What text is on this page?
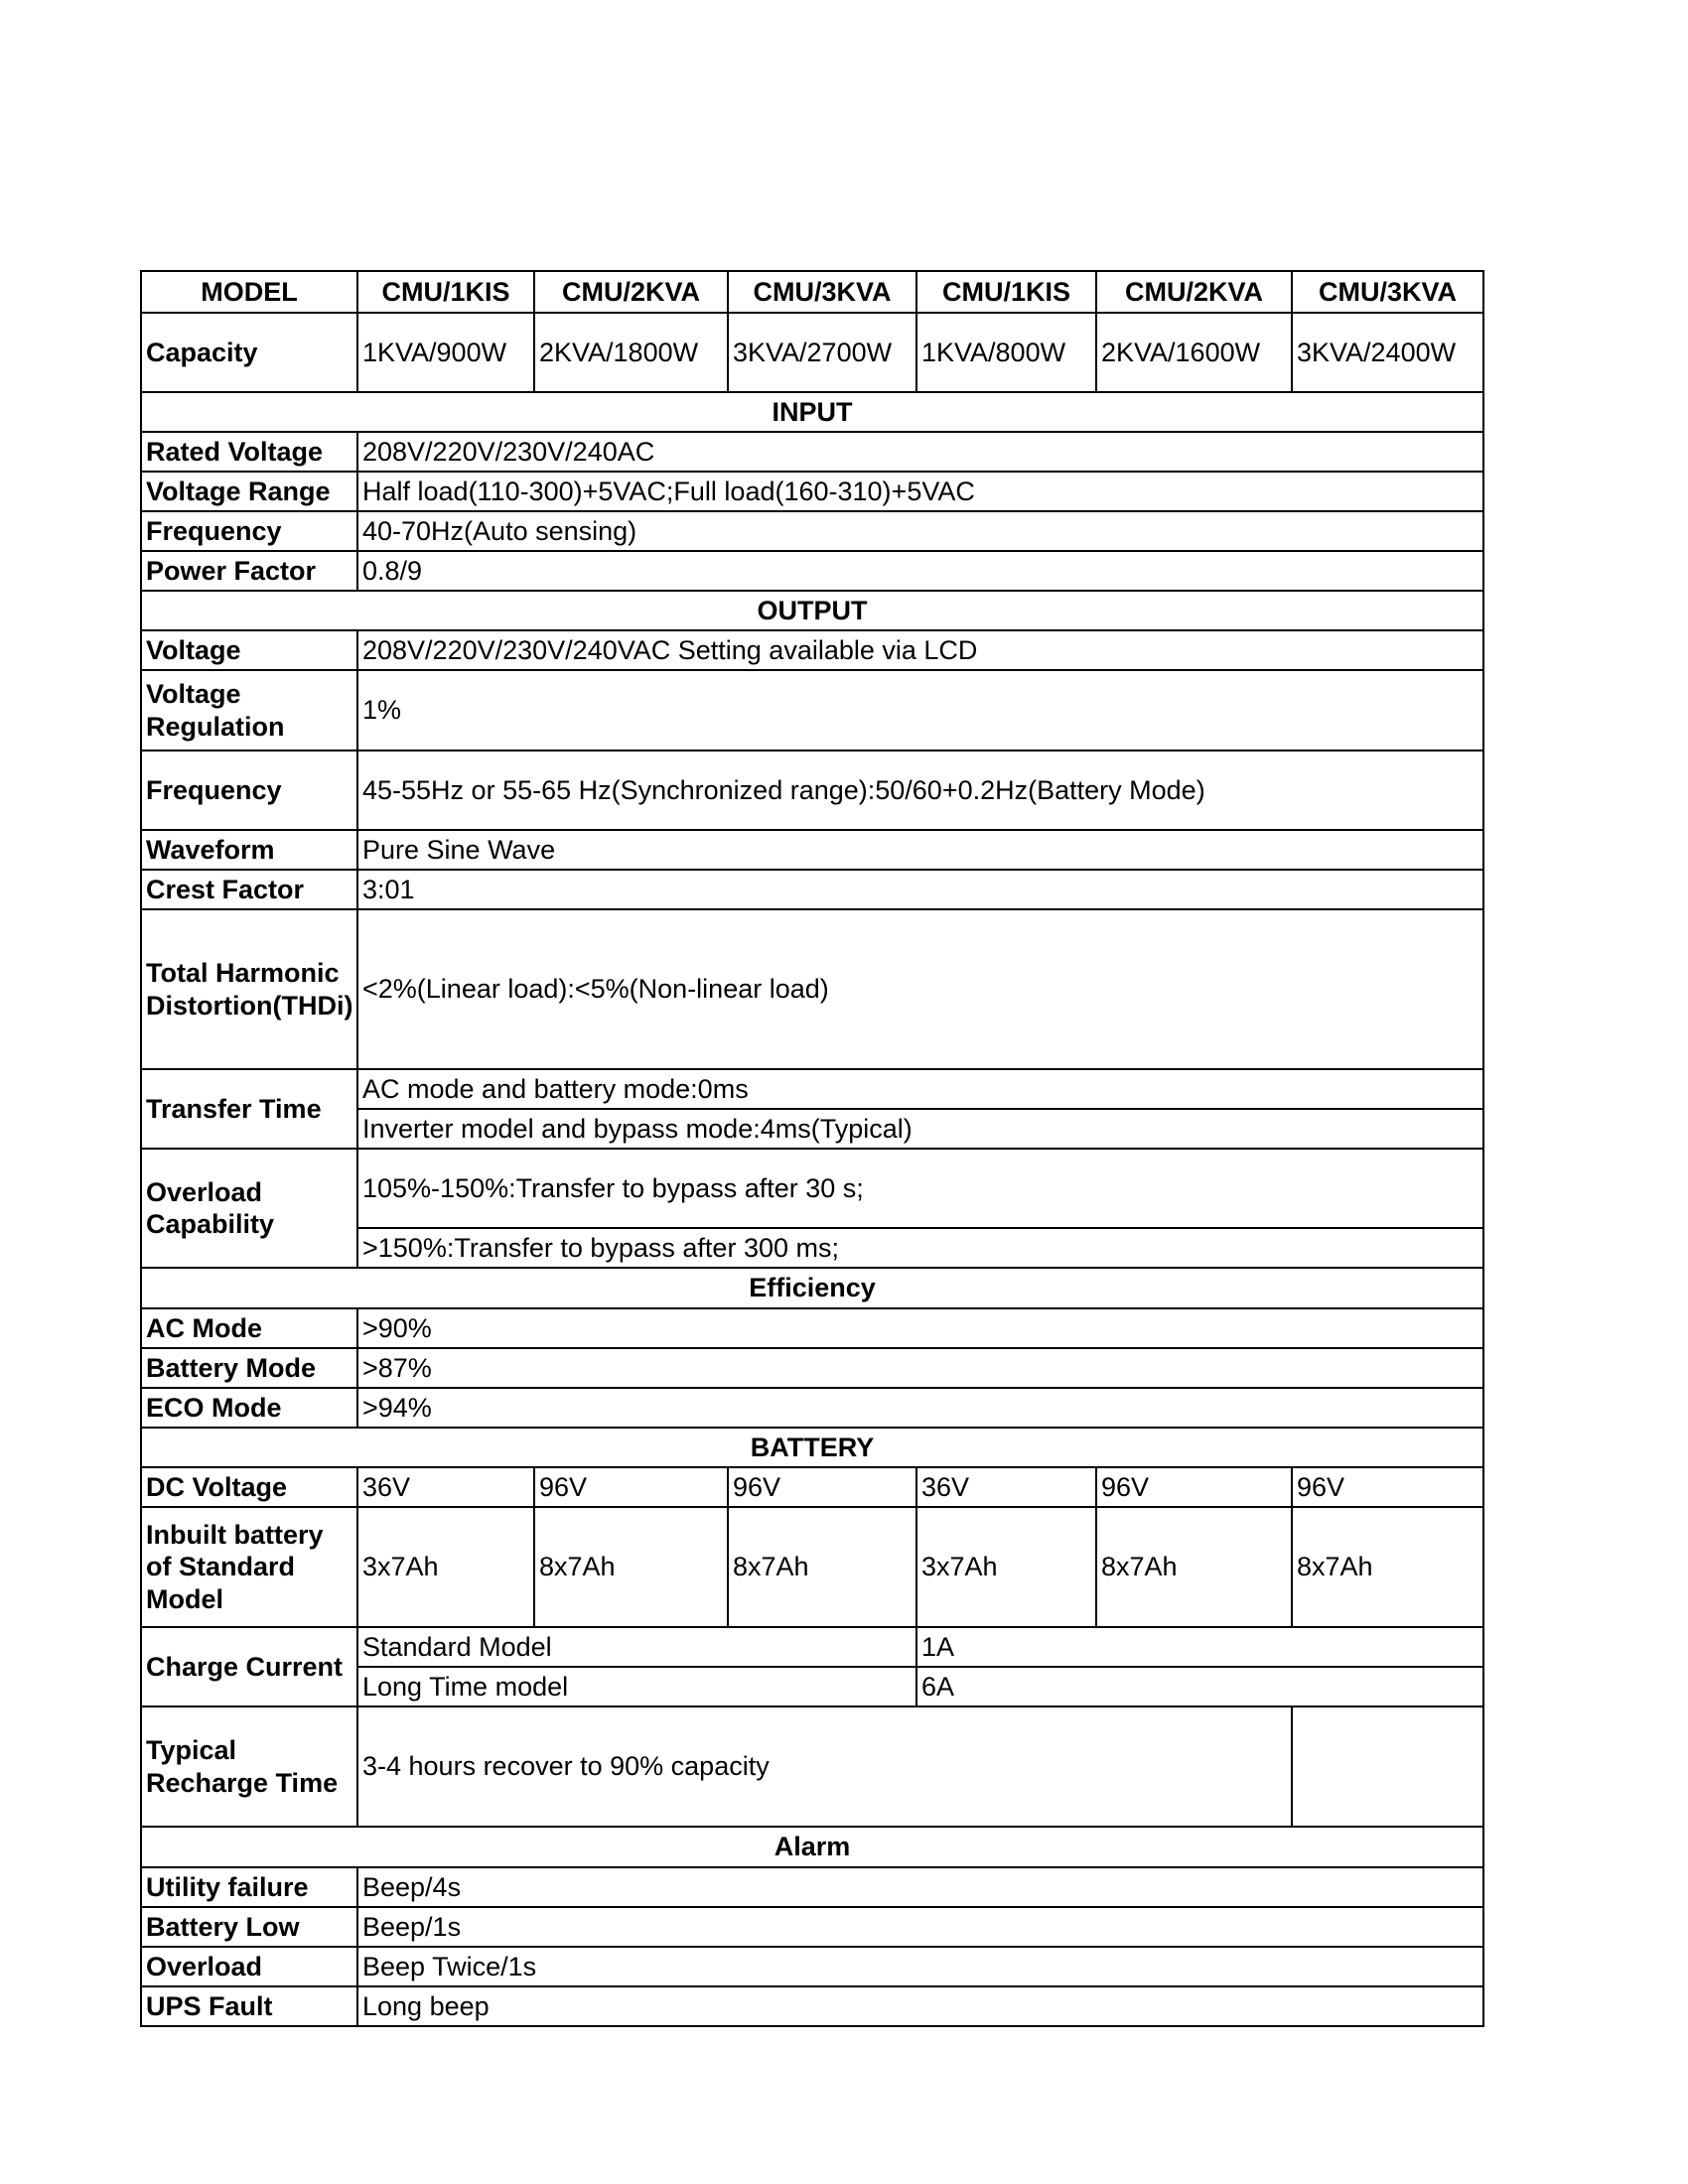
MODEL	CMU/1KIS	CMU/2KVA	CMU/3KVA	CMU/1KIS	CMU/2KVA	CMU/3KVA
Capacity	1KVA/900W	2KVA/1800W	3KVA/2700W	1KVA/800W	2KVA/1600W	3KVA/2400W
INPUT						
Rated Voltage	208V/220V/230V/240AC					
Voltage Range	Half load(110-300)+5VAC;Full load(160-310)+5VAC					
Frequency	40-70Hz(Auto sensing)					
Power Factor	0.8/9					
OUTPUT						
Voltage	208V/220V/230V/240VAC Setting available via LCD					
Voltage Regulation	1%					
Frequency	45-55Hz or 55-65 Hz(Synchronized range):50/60+0.2Hz(Battery Mode)					
Waveform	Pure Sine Wave					
Crest Factor	3:01					
Total Harmonic Distortion(THDi)	<2%(Linear load):<5%(Non-linear load)					
Transfer Time	AC mode and battery mode:0ms					
	Inverter model and bypass mode:4ms(Typical)					
Overload Capability	105%-150%:Transfer to bypass after 30 s;					
	>150%:Transfer to bypass after 300 ms;					
Efficiency						
AC Mode	>90%					
Battery Mode	>87%					
ECO Mode	>94%					
BATTERY						
DC Voltage	36V	96V	96V	36V	96V	96V
Inbuilt battery of Standard Model	3x7Ah	8x7Ah	8x7Ah	3x7Ah	8x7Ah	8x7Ah
Charge Current	Standard Model			1A		
	Long Time model			6A		
Typical Recharge Time	3-4 hours recover to 90% capacity					
Alarm						
Utility failure	Beep/4s					
Battery Low	Beep/1s					
Overload	Beep Twice/1s					
UPS Fault	Long beep					
